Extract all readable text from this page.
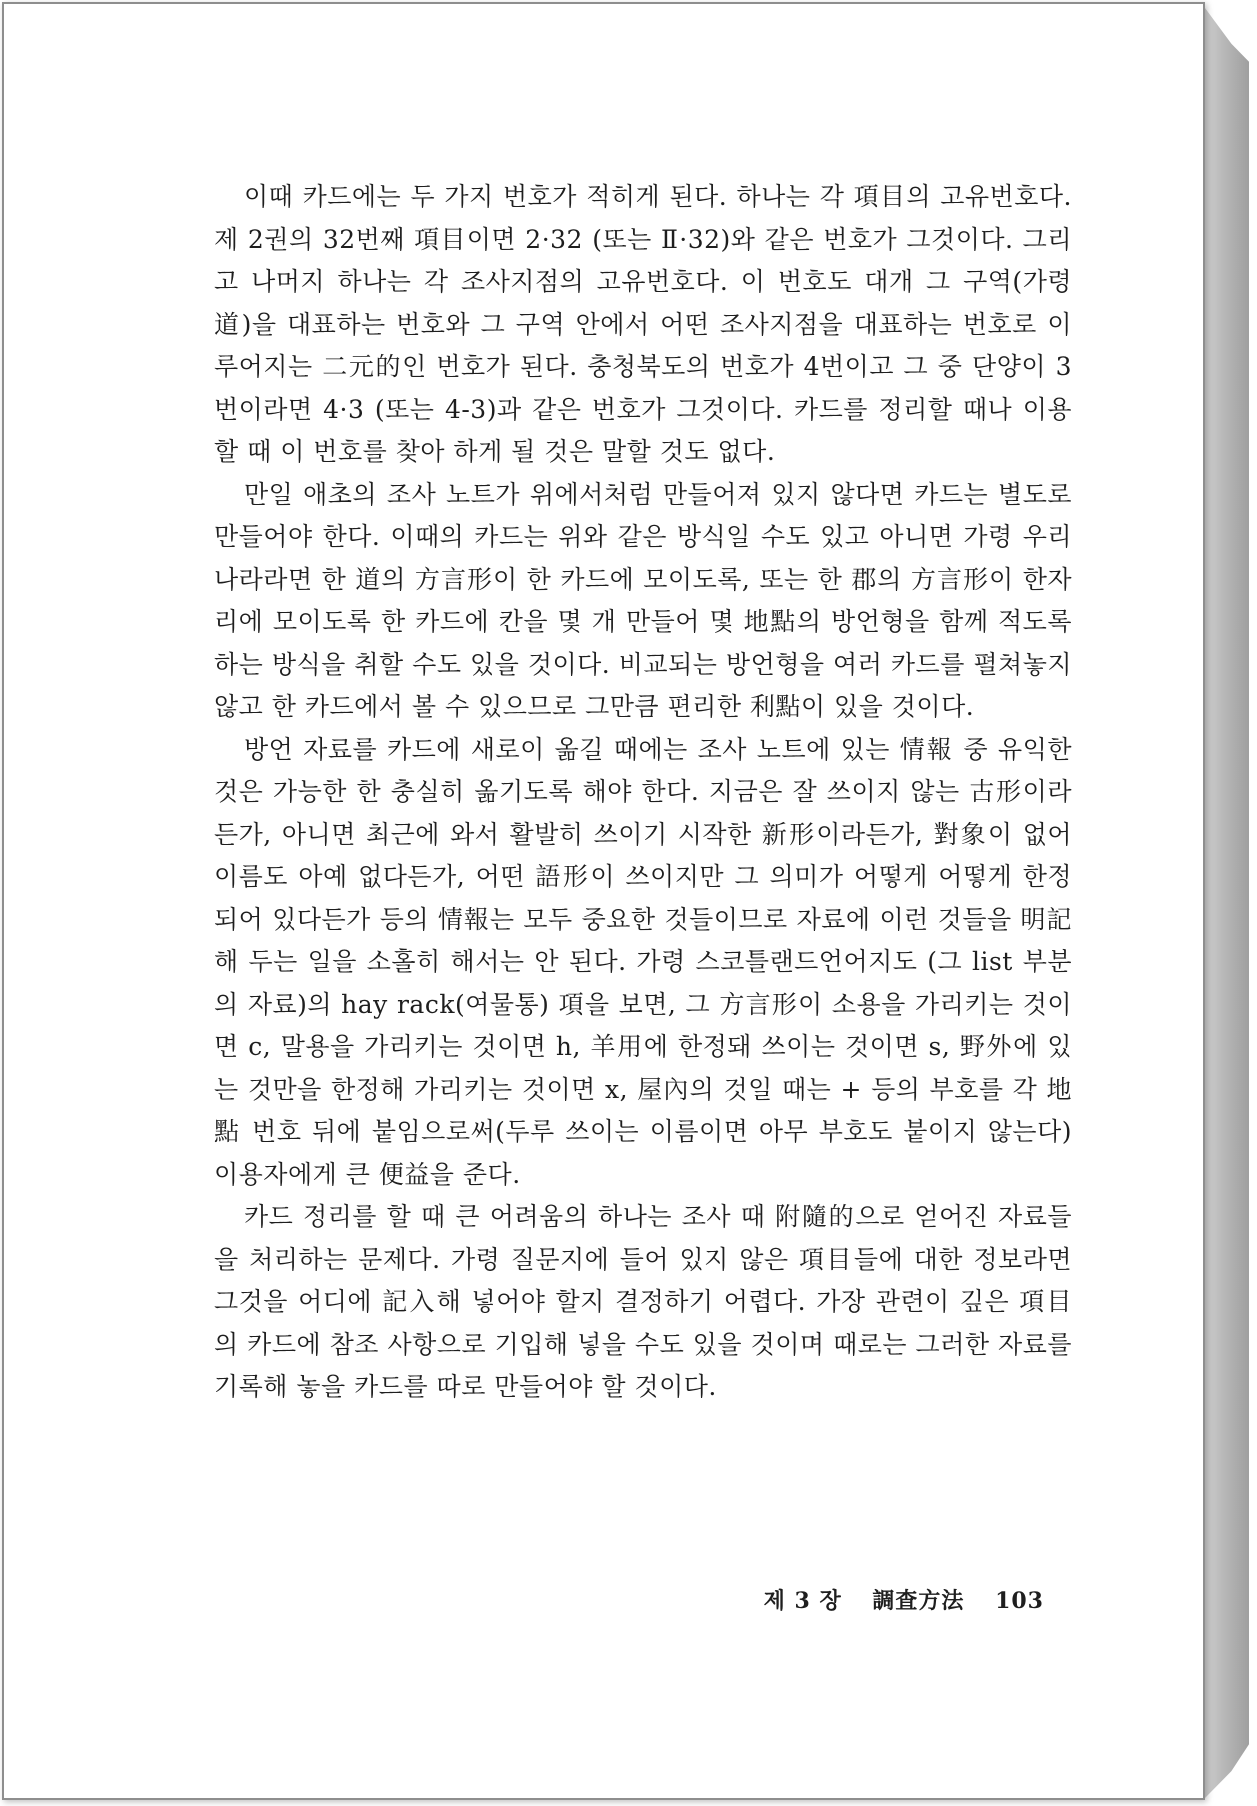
이때 카드에는 두 가지 번호가 적히게 된다. 하나는 각 項目의 고유번호다. 제 2권의 32번째 項目이면 2·32 (또는 Ⅱ·32)와 같은 번호가 그것이다. 그리고 나머지 하나는 각 조사지점의 고유번호다. 이 번호도 대개 그 구역(가령 道)을 대표하는 번호와 그 구역 안에서 어떤 조사지점을 대표하는 번호로 이루어지는 二元的인 번호가 된다. 충청북도의 번호가 4번이고 그 중 단양이 3번이라면 4·3 (또는 4-3)과 같은 번호가 그것이다. 카드를 정리할 때나 이용할 때 이 번호를 찾아 하게 될 것은 말할 것도 없다.

만일 애초의 조사 노트가 위에서처럼 만들어져 있지 않다면 카드는 별도로 만들어야 한다. 이때의 카드는 위와 같은 방식일 수도 있고 아니면 가령 우리나라라면 한 道의 方言形이 한 카드에 모이도록, 또는 한 郡의 方言形이 한자리에 모이도록 한 카드에 칸을 몇 개 만들어 몇 地點의 방언형을 함께 적도록 하는 방식을 취할 수도 있을 것이다. 비교되는 방언형을 여러 카드를 펼쳐놓지 않고 한 카드에서 볼 수 있으므로 그만큼 편리한 利點이 있을 것이다.

방언 자료를 카드에 새로이 옮길 때에는 조사 노트에 있는 情報 중 유익한 것은 가능한 한 충실히 옮기도록 해야 한다. 지금은 잘 쓰이지 않는 古形이라든가, 아니면 최근에 와서 활발히 쓰이기 시작한 新形이라든가, 對象이 없어 이름도 아예 없다든가, 어떤 語形이 쓰이지만 그 의미가 어떻게 어떻게 한정되어 있다든가 등의 情報는 모두 중요한 것들이므로 자료에 이런 것들을 明記해 두는 일을 소홀히 해서는 안 된다. 가령 스코틀랜드언어지도 (그 list 부분의 자료)의 hay rack(여물통) 項을 보면, 그 方言形이 소용을 가리키는 것이면 c, 말용을 가리키는 것이면 h, 羊用에 한정돼 쓰이는 것이면 s, 野外에 있는 것만을 한정해 가리키는 것이면 x, 屋內의 것일 때는 + 등의 부호를 각 地點 번호 뒤에 붙임으로써(두루 쓰이는 이름이면 아무 부호도 붙이지 않는다) 이용자에게 큰 便益을 준다.

카드 정리를 할 때 큰 어려움의 하나는 조사 때 附隨的으로 얻어진 자료들을 처리하는 문제다. 가령 질문지에 들어 있지 않은 項目들에 대한 정보라면 그것을 어디에 記入해 넣어야 할지 결정하기 어렵다. 가장 관련이 깊은 項目의 카드에 참조 사항으로 기입해 넣을 수도 있을 것이며 때로는 그러한 자료를 기록해 놓을 카드를 따로 만들어야 할 것이다.

제 3 장 調査方法 103
